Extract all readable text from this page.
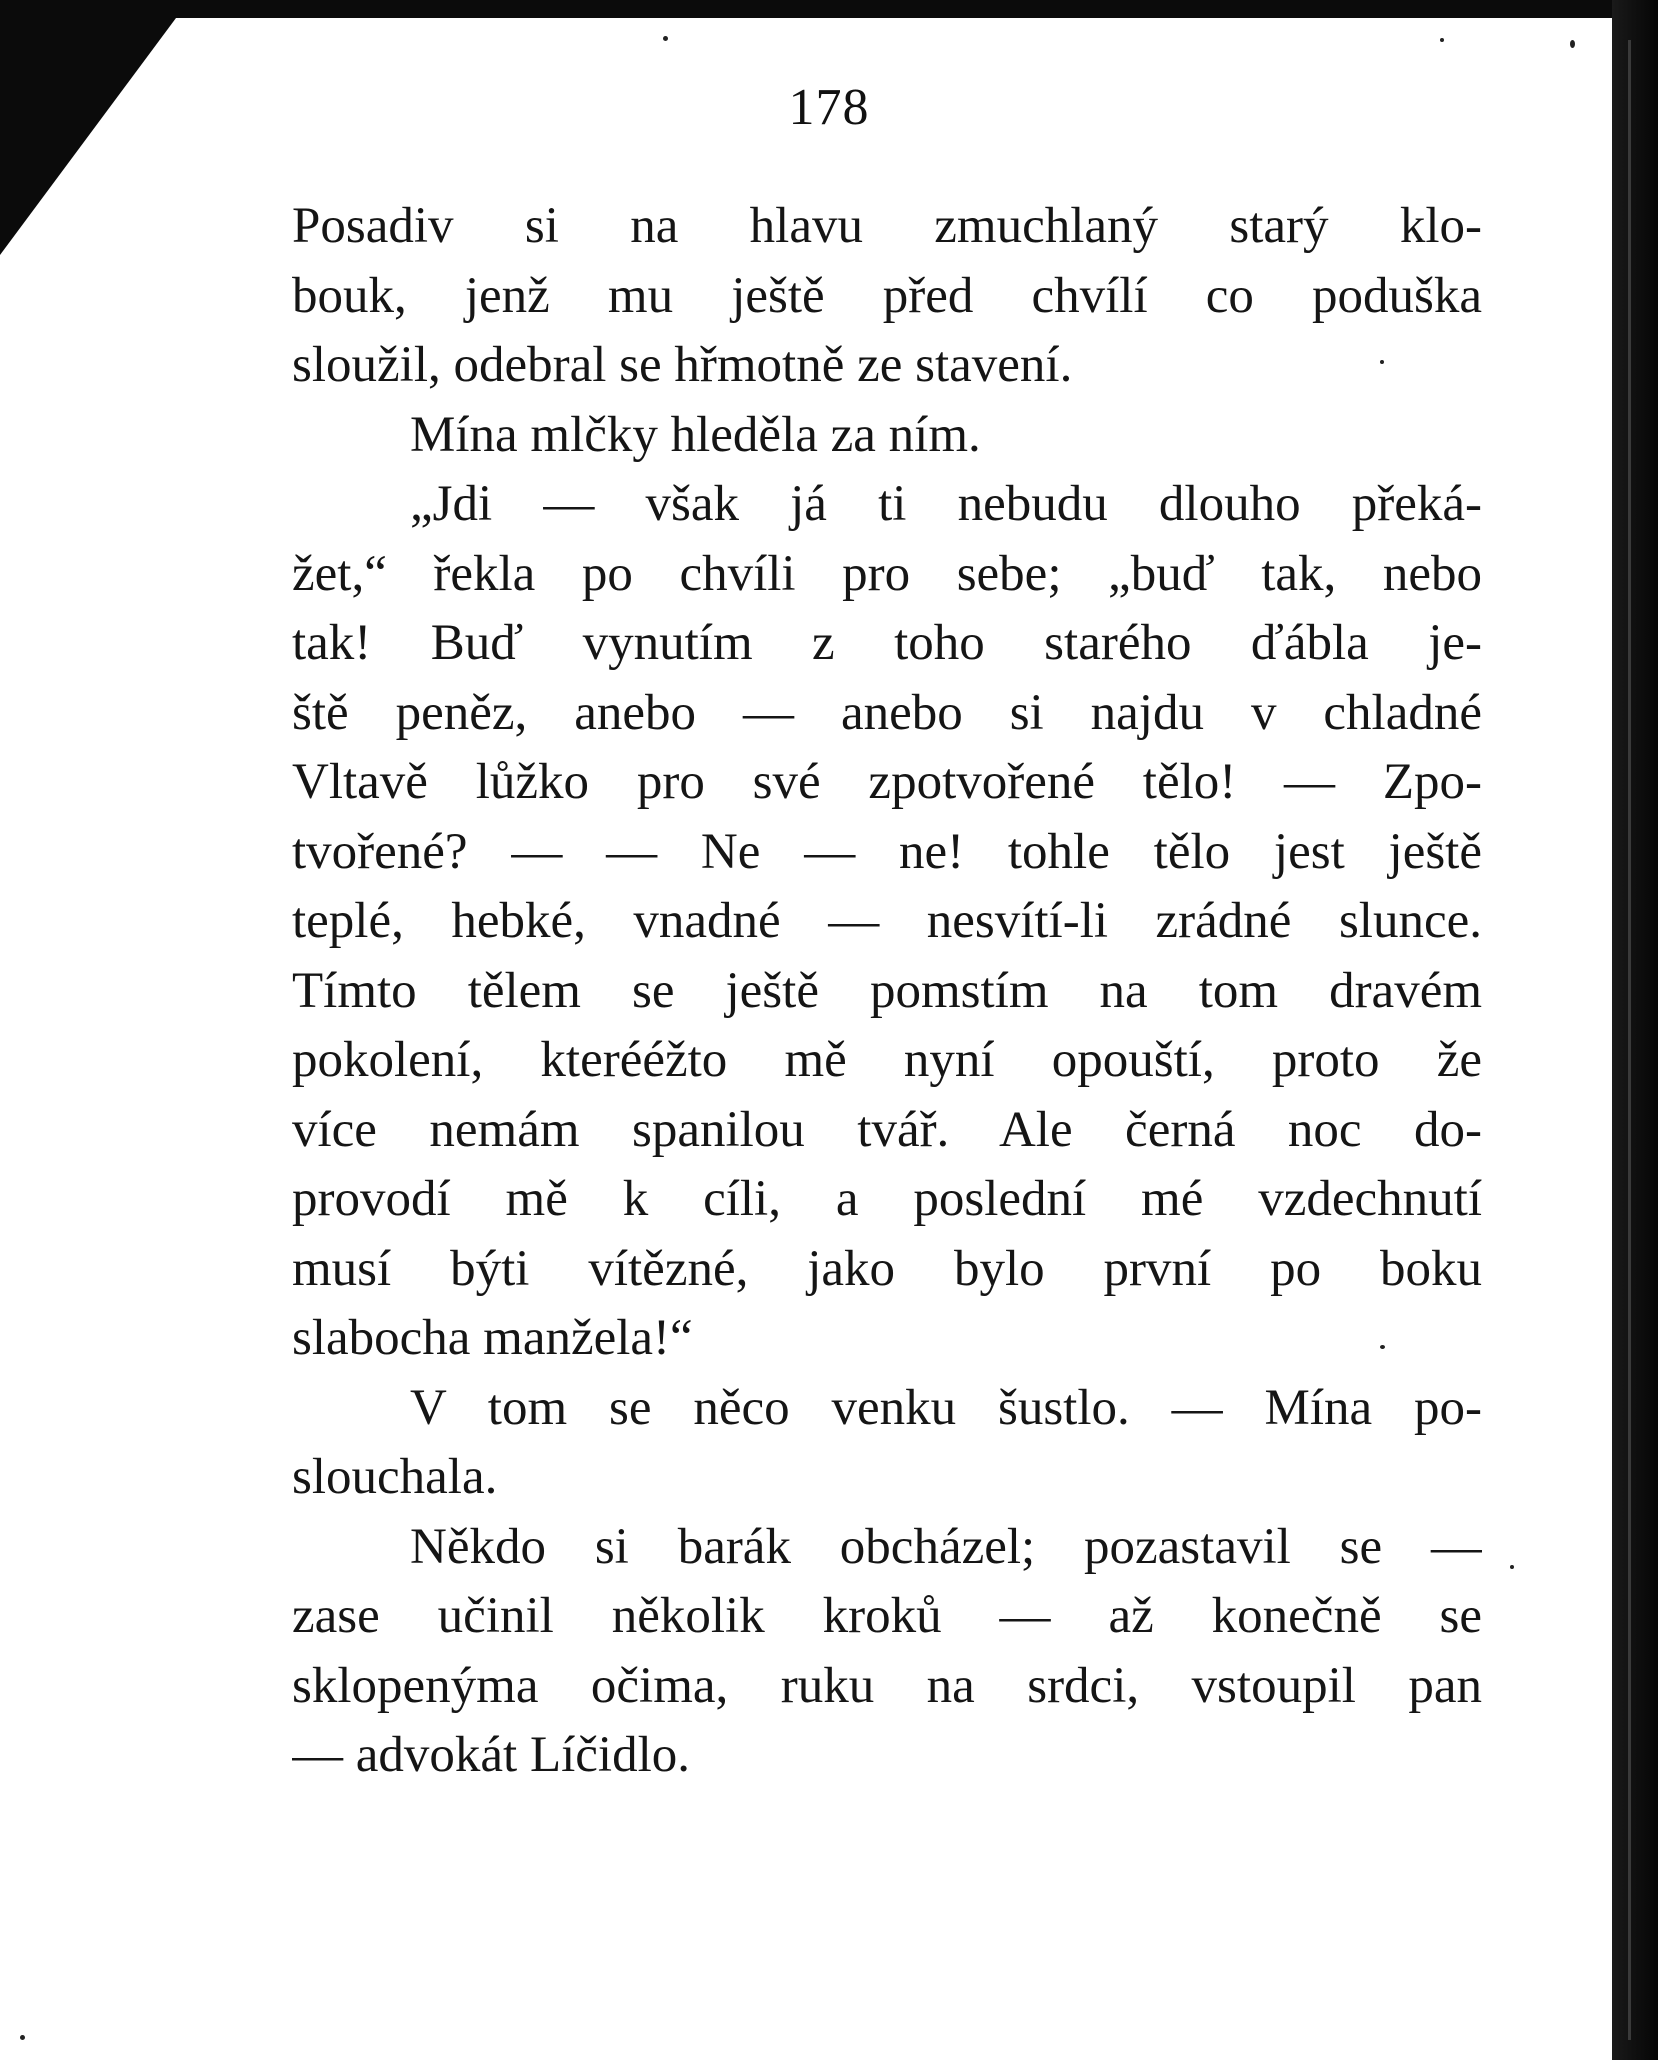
178
Posadiv si na hlavu zmuchlaný starý klo-
bouk, jenž mu ještě před chvílí co poduška
sloužil, odebral se hřmotně ze stavení.
Mína mlčky hleděla za ním.
„Jdi — však já ti nebudu dlouho překá-
žet,“ řekla po chvíli pro sebe; „buď tak, nebo
tak! Buď vynutím z toho starého ďábla je-
ště peněz, anebo — anebo si najdu v chladné
Vltavě lůžko pro své zpotvořené tělo! — Zpo-
tvořené? — — Ne — ne! tohle tělo jest ještě
teplé, hebké, vnadné — nesvítí-li zrádné slunce.
Tímto tělem se ještě pomstím na tom dravém
pokolení, kterééžto mě nyní opouští, proto že
více nemám spanilou tvář. Ale černá noc do-
provodí mě k cíli, a poslední mé vzdechnutí
musí býti vítězné, jako bylo první po boku
slabocha manžela!“
V tom se něco venku šustlo. — Mína po-
slouchala.
Někdo si barák obcházel; pozastavil se —
zase učinil několik kroků — až konečně se
sklopenýma očima, ruku na srdci, vstoupil pan
— advokát Líčidlo.
